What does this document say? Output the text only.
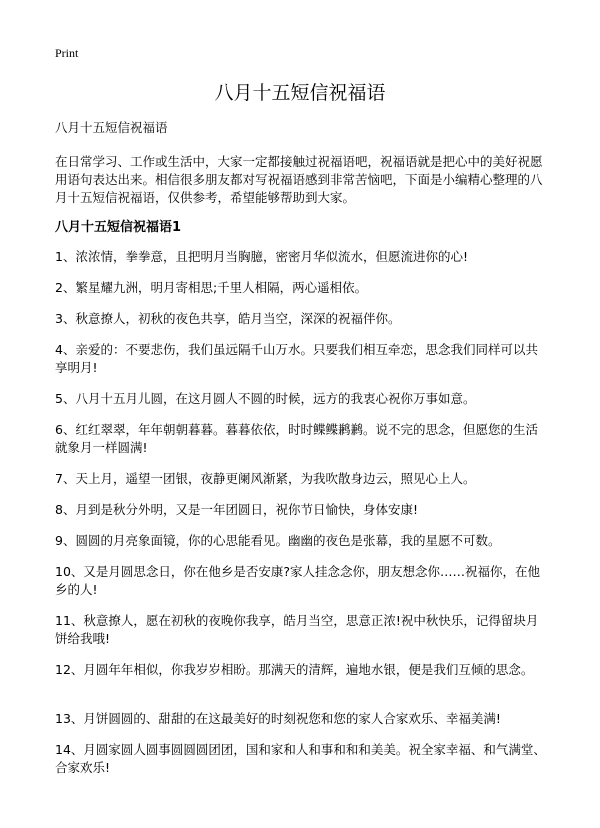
Print
八月十五短信祝福语

八月十五短信祝福语

在日常学习、工作或生活中，大家一定都接触过祝福语吧，祝福语就是把心中的美好祝愿用语句表达出来。相信很多朋友都对写祝福语感到非常苦恼吧，下面是小编精心整理的八月十五短信祝福语，仅供参考，希望能够帮助到大家。

八月十五短信祝福语1
1、浓浓情，拳拳意，且把明月当胸臆，密密月华似流水，但愿流进你的心!
2、繁星耀九洲，明月寄相思;千里人相隔，两心遥相依。
3、秋意撩人，初秋的夜色共享，皓月当空，深深的祝福伴你。
4、亲爱的：不要悲伤，我们虽远隔千山万水。只要我们相互牵恋，思念我们同样可以共享明月!
5、八月十五月儿圆，在这月圆人不圆的时候，远方的我衷心祝你万事如意。
6、红红翠翠，年年朝朝暮暮。暮暮依依，时时鲽鲽鹣鹣。说不完的思念，但愿您的生活就象月一样圆满!
7、天上月，遥望一团银，夜静更阑风渐紧，为我吹散身边云，照见心上人。
8、月到是秋分外明，又是一年团圆日，祝你节日愉快，身体安康!
9、圆圆的月亮象面镜，你的心思能看见。幽幽的夜色是张幕，我的星愿不可数。
10、又是月圆思念日，你在他乡是否安康?家人挂念念你，朋友想念你……祝福你，在他乡的人!
11、秋意撩人，愿在初秋的夜晚你我享，皓月当空，思意正浓!祝中秋快乐，记得留块月饼给我哦!
12、月圆年年相似，你我岁岁相盼。那满天的清辉，遍地水银，便是我们互倾的思念。
13、月饼圆圆的、甜甜的在这最美好的时刻祝您和您的家人合家欢乐、幸福美满!
14、月圆家圆人圆事圆圆圆团团，国和家和人和事和和和美美。祝全家幸福、和气满堂、合家欢乐!
